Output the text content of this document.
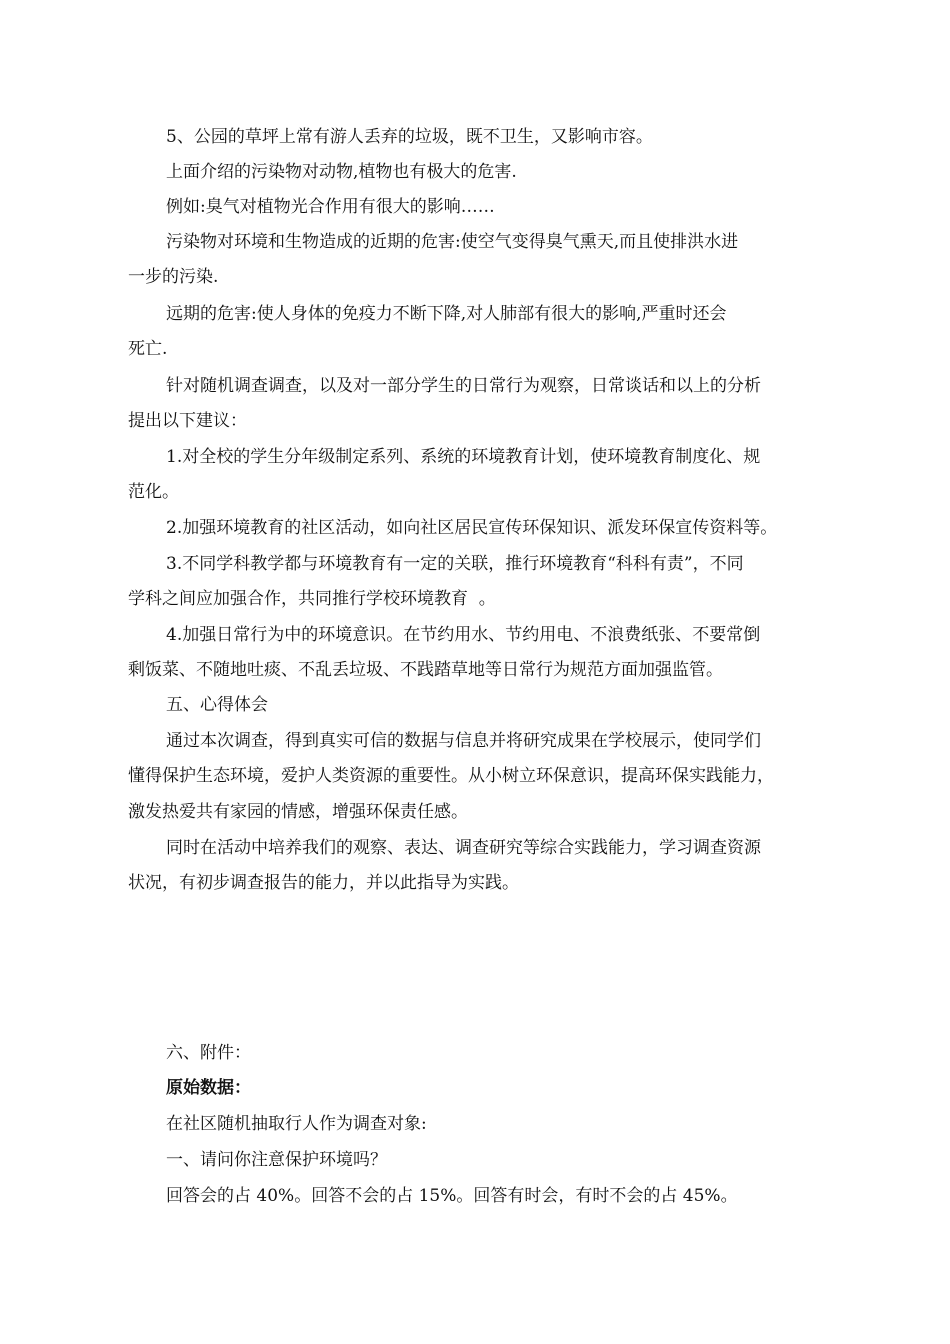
5、公园的草坪上常有游人丢弃的垃圾，既不卫生，又影响市容。

上面介绍的污染物对动物,植物也有极大的危害.

例如:臭气对植物光合作用有很大的影响……

污染物对环境和生物造成的近期的危害:使空气变得臭气熏天,而且使排洪水进

一步的污染.

远期的危害:使人身体的免疫力不断下降,对人肺部有很大的影响,严重时还会

死亡.

针对随机调查调查，以及对一部分学生的日常行为观察，日常谈话和以上的分析

提出以下建议：

1.对全校的学生分年级制定系列、系统的环境教育计划，使环境教育制度化、规

范化。

2.加强环境教育的社区活动，如向社区居民宣传环保知识、派发环保宣传资料等。

3.不同学科教学都与环境教育有一定的关联，推行环境教育“科科有责”，不同

学科之间应加强合作，共同推行学校环境教育  。

4.加强日常行为中的环境意识。在节约用水、节约用电、不浪费纸张、不要常倒

剩饭菜、不随地吐痰、不乱丢垃圾、不践踏草地等日常行为规范方面加强监管。

五、心得体会

通过本次调查，得到真实可信的数据与信息并将研究成果在学校展示，使同学们

懂得保护生态环境，爱护人类资源的重要性。从小树立环保意识，提高环保实践能力，

激发热爱共有家园的情感，增强环保责任感。

同时在活动中培养我们的观察、表达、调查研究等综合实践能力，学习调查资源

状况，有初步调查报告的能力，并以此指导为实践。

六、附件：

原始数据：

在社区随机抽取行人作为调查对象:

一、请问你注意保护环境吗？

回答会的占 40%。回答不会的占 15%。回答有时会，有时不会的占 45%。
